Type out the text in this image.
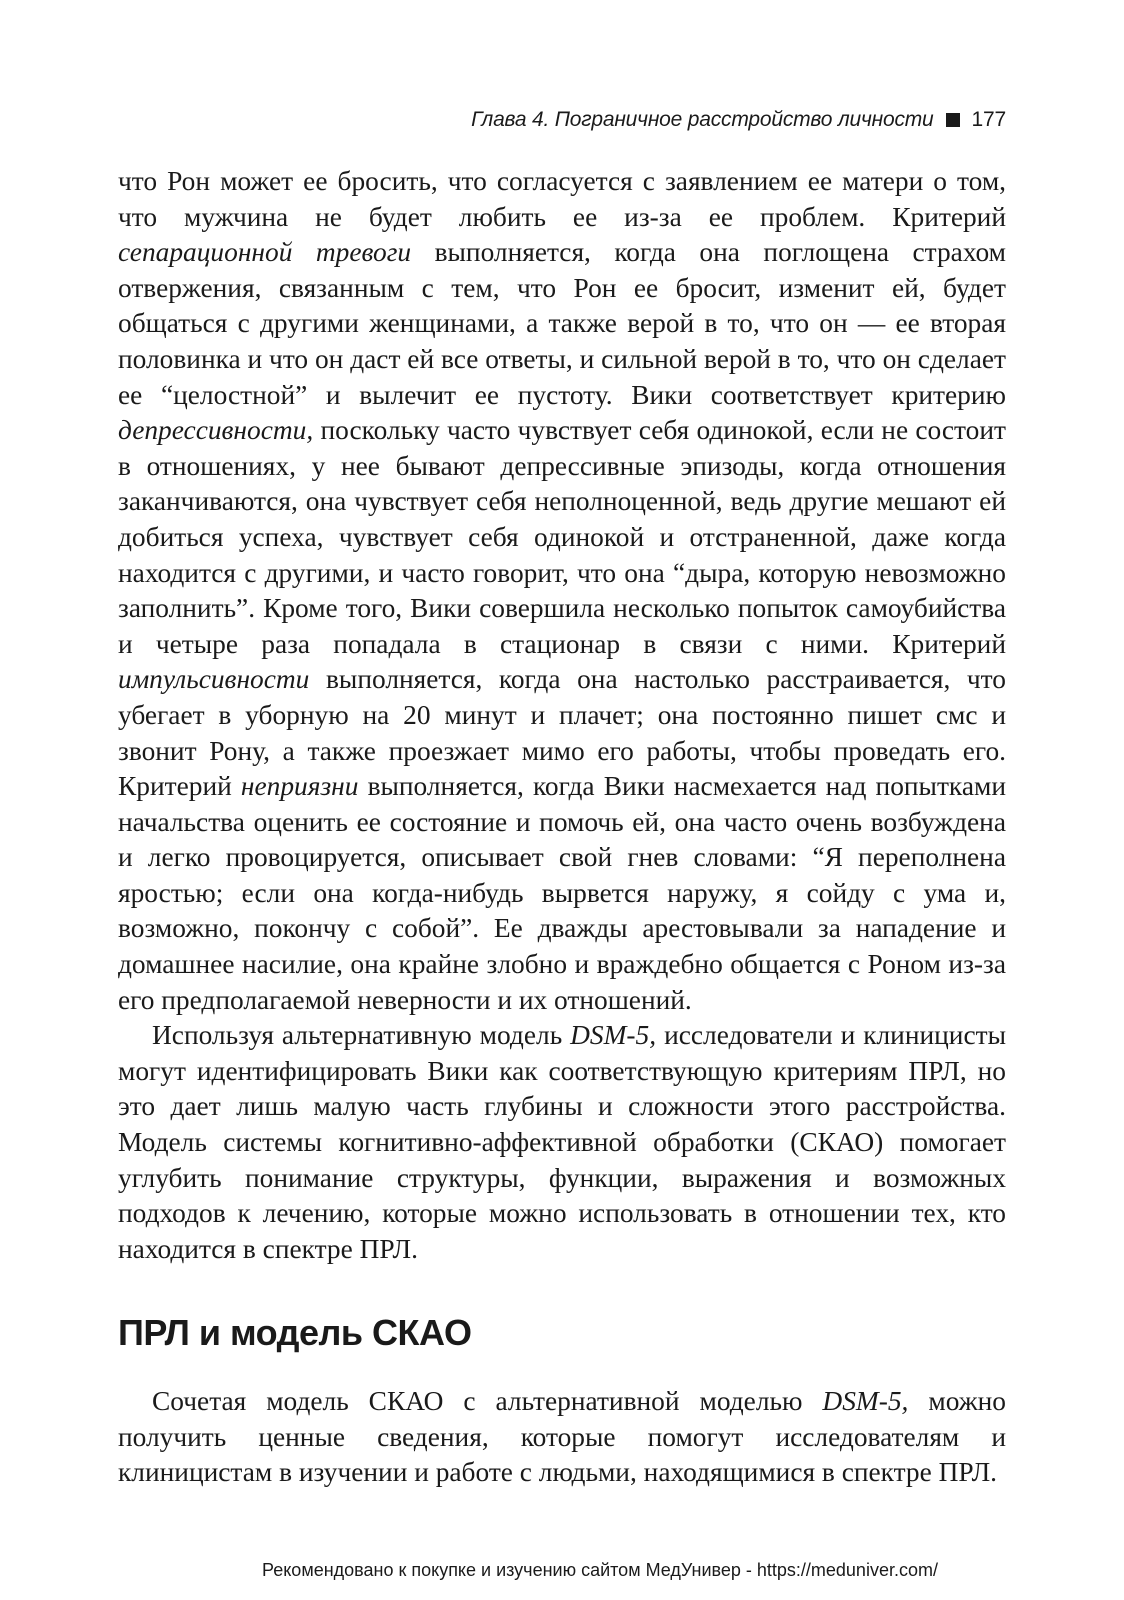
Глава 4. Пограничное расстройство личности 177

что Рон может ее бросить, что согласуется с заявлением ее матери о том, что мужчина не будет любить ее из-за ее проблем. Критерий сепарационной тревоги выполняется, когда она поглощена страхом отвержения, связанным с тем, что Рон ее бросит, изменит ей, будет общаться с другими женщинами, а также верой в то, что он — ее вторая половинка и что он даст ей все ответы, и сильной верой в то, что он сделает ее “целостной” и вылечит ее пустоту. Вики соответствует критерию депрессивности, поскольку часто чувствует себя одинокой, если не состоит в отношениях, у нее бывают депрессивные эпизоды, когда отношения заканчиваются, она чувствует себя неполноценной, ведь другие мешают ей добиться успеха, чувствует себя одинокой и отстраненной, даже когда находится с другими, и часто говорит, что она “дыра, которую невозможно заполнить”. Кроме того, Вики совершила несколько попыток самоубийства и четыре раза попадала в стационар в связи с ними. Критерий импульсивности выполняется, когда она настолько расстраивается, что убегает в уборную на 20 минут и плачет; она постоянно пишет смс и звонит Рону, а также проезжает мимо его работы, чтобы проведать его. Критерий неприязни выполняется, когда Вики насмехается над попытками начальства оценить ее состояние и помочь ей, она часто очень возбуждена и легко провоцируется, описывает свой гнев словами: “Я переполнена яростью; если она когда-нибудь вырвется наружу, я сойду с ума и, возможно, покончу с собой”. Ее дважды арестовывали за нападение и домашнее насилие, она крайне злобно и враждебно общается с Роном из-за его предполагаемой неверности и их отношений.

Используя альтернативную модель DSM-5, исследователи и клиницисты могут идентифицировать Вики как соответствующую критериям ПРЛ, но это дает лишь малую часть глубины и сложности этого расстройства. Модель системы когнитивно-аффективной обработки (СКАО) помогает углубить понимание структуры, функции, выражения и возможных подходов к лечению, которые можно использовать в отношении тех, кто находится в спектре ПРЛ.

ПРЛ и модель СКАО

Сочетая модель СКАО с альтернативной моделью DSM-5, можно получить ценные сведения, которые помогут исследователям и клиницистам в изучении и работе с людьми, находящимися в спектре ПРЛ.

Рекомендовано к покупке и изучению сайтом МедУнивер - https://meduniver.com/
